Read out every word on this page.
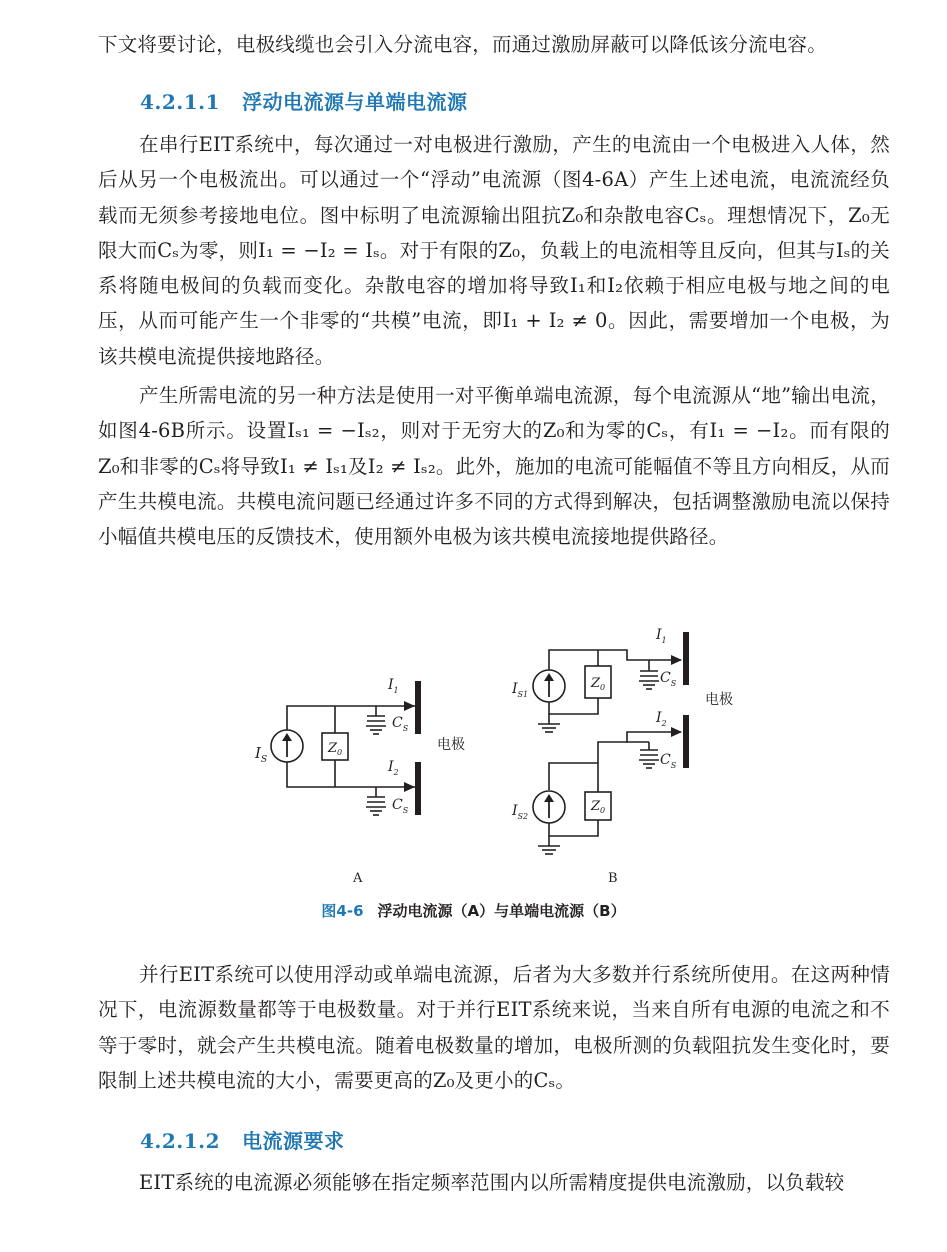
下文将要讨论，电极线缆也会引入分流电容，而通过激励屏蔽可以降低该分流电容。

4.2.1.1 浮动电流源与单端电流源

在串行EIT系统中，每次通过一对电极进行激励，产生的电流由一个电极进入人体，然后从另一个电极流出。可以通过一个“浮动”电流源（图4-6A）产生上述电流，电流流经负载而无须参考接地电位。图中标明了电流源输出阻抗Z₀和杂散电容Cₛ。理想情况下，Z₀无限大而Cₛ为零，则I₁ = −I₂ = Iₛ。对于有限的Z₀，负载上的电流相等且反向，但其与Iₛ的关系将随电极间的负载而变化。杂散电容的增加将导致I₁和I₂依赖于相应电极与地之间的电压，从而可能产生一个非零的“共模”电流，即I₁ + I₂ ≠ 0。因此，需要增加一个电极，为该共模电流提供接地路径。

产生所需电流的另一种方法是使用一对平衡单端电流源，每个电流源从“地”输出电流，如图4-6B所示。设置Iₛ₁ = −Iₛ₂，则对于无穷大的Z₀和为零的Cₛ，有I₁ = −I₂。而有限的Z₀和非零的Cₛ将导致I₁ ≠ Iₛ₁及I₂ ≠ Iₛ₂。此外，施加的电流可能幅值不等且方向相反，从而产生共模电流。共模电流问题已经通过许多不同的方式得到解决，包括调整激励电流以保持小幅值共模电压的反馈技术，使用额外电极为该共模电流接地提供路径。

$I_S$
$Z_0$
$I_1$
$I_2$
$C_S$
$C_S$
电极
A
$I_{S1}$
$I_{S2}$
$Z_0$
$Z_0$
$I_1$
$I_2$
$C_S$
$C_S$
电极
B

图4-6 浮动电流源（A）与单端电流源（B）

并行EIT系统可以使用浮动或单端电流源，后者为大多数并行系统所使用。在这两种情况下，电流源数量都等于电极数量。对于并行EIT系统来说，当来自所有电源的电流之和不等于零时，就会产生共模电流。随着电极数量的增加，电极所测的负载阻抗发生变化时，要限制上述共模电流的大小，需要更高的Z₀及更小的Cₛ。

4.2.1.2 电流源要求

EIT系统的电流源必须能够在指定频率范围内以所需精度提供电流激励，以负载较
